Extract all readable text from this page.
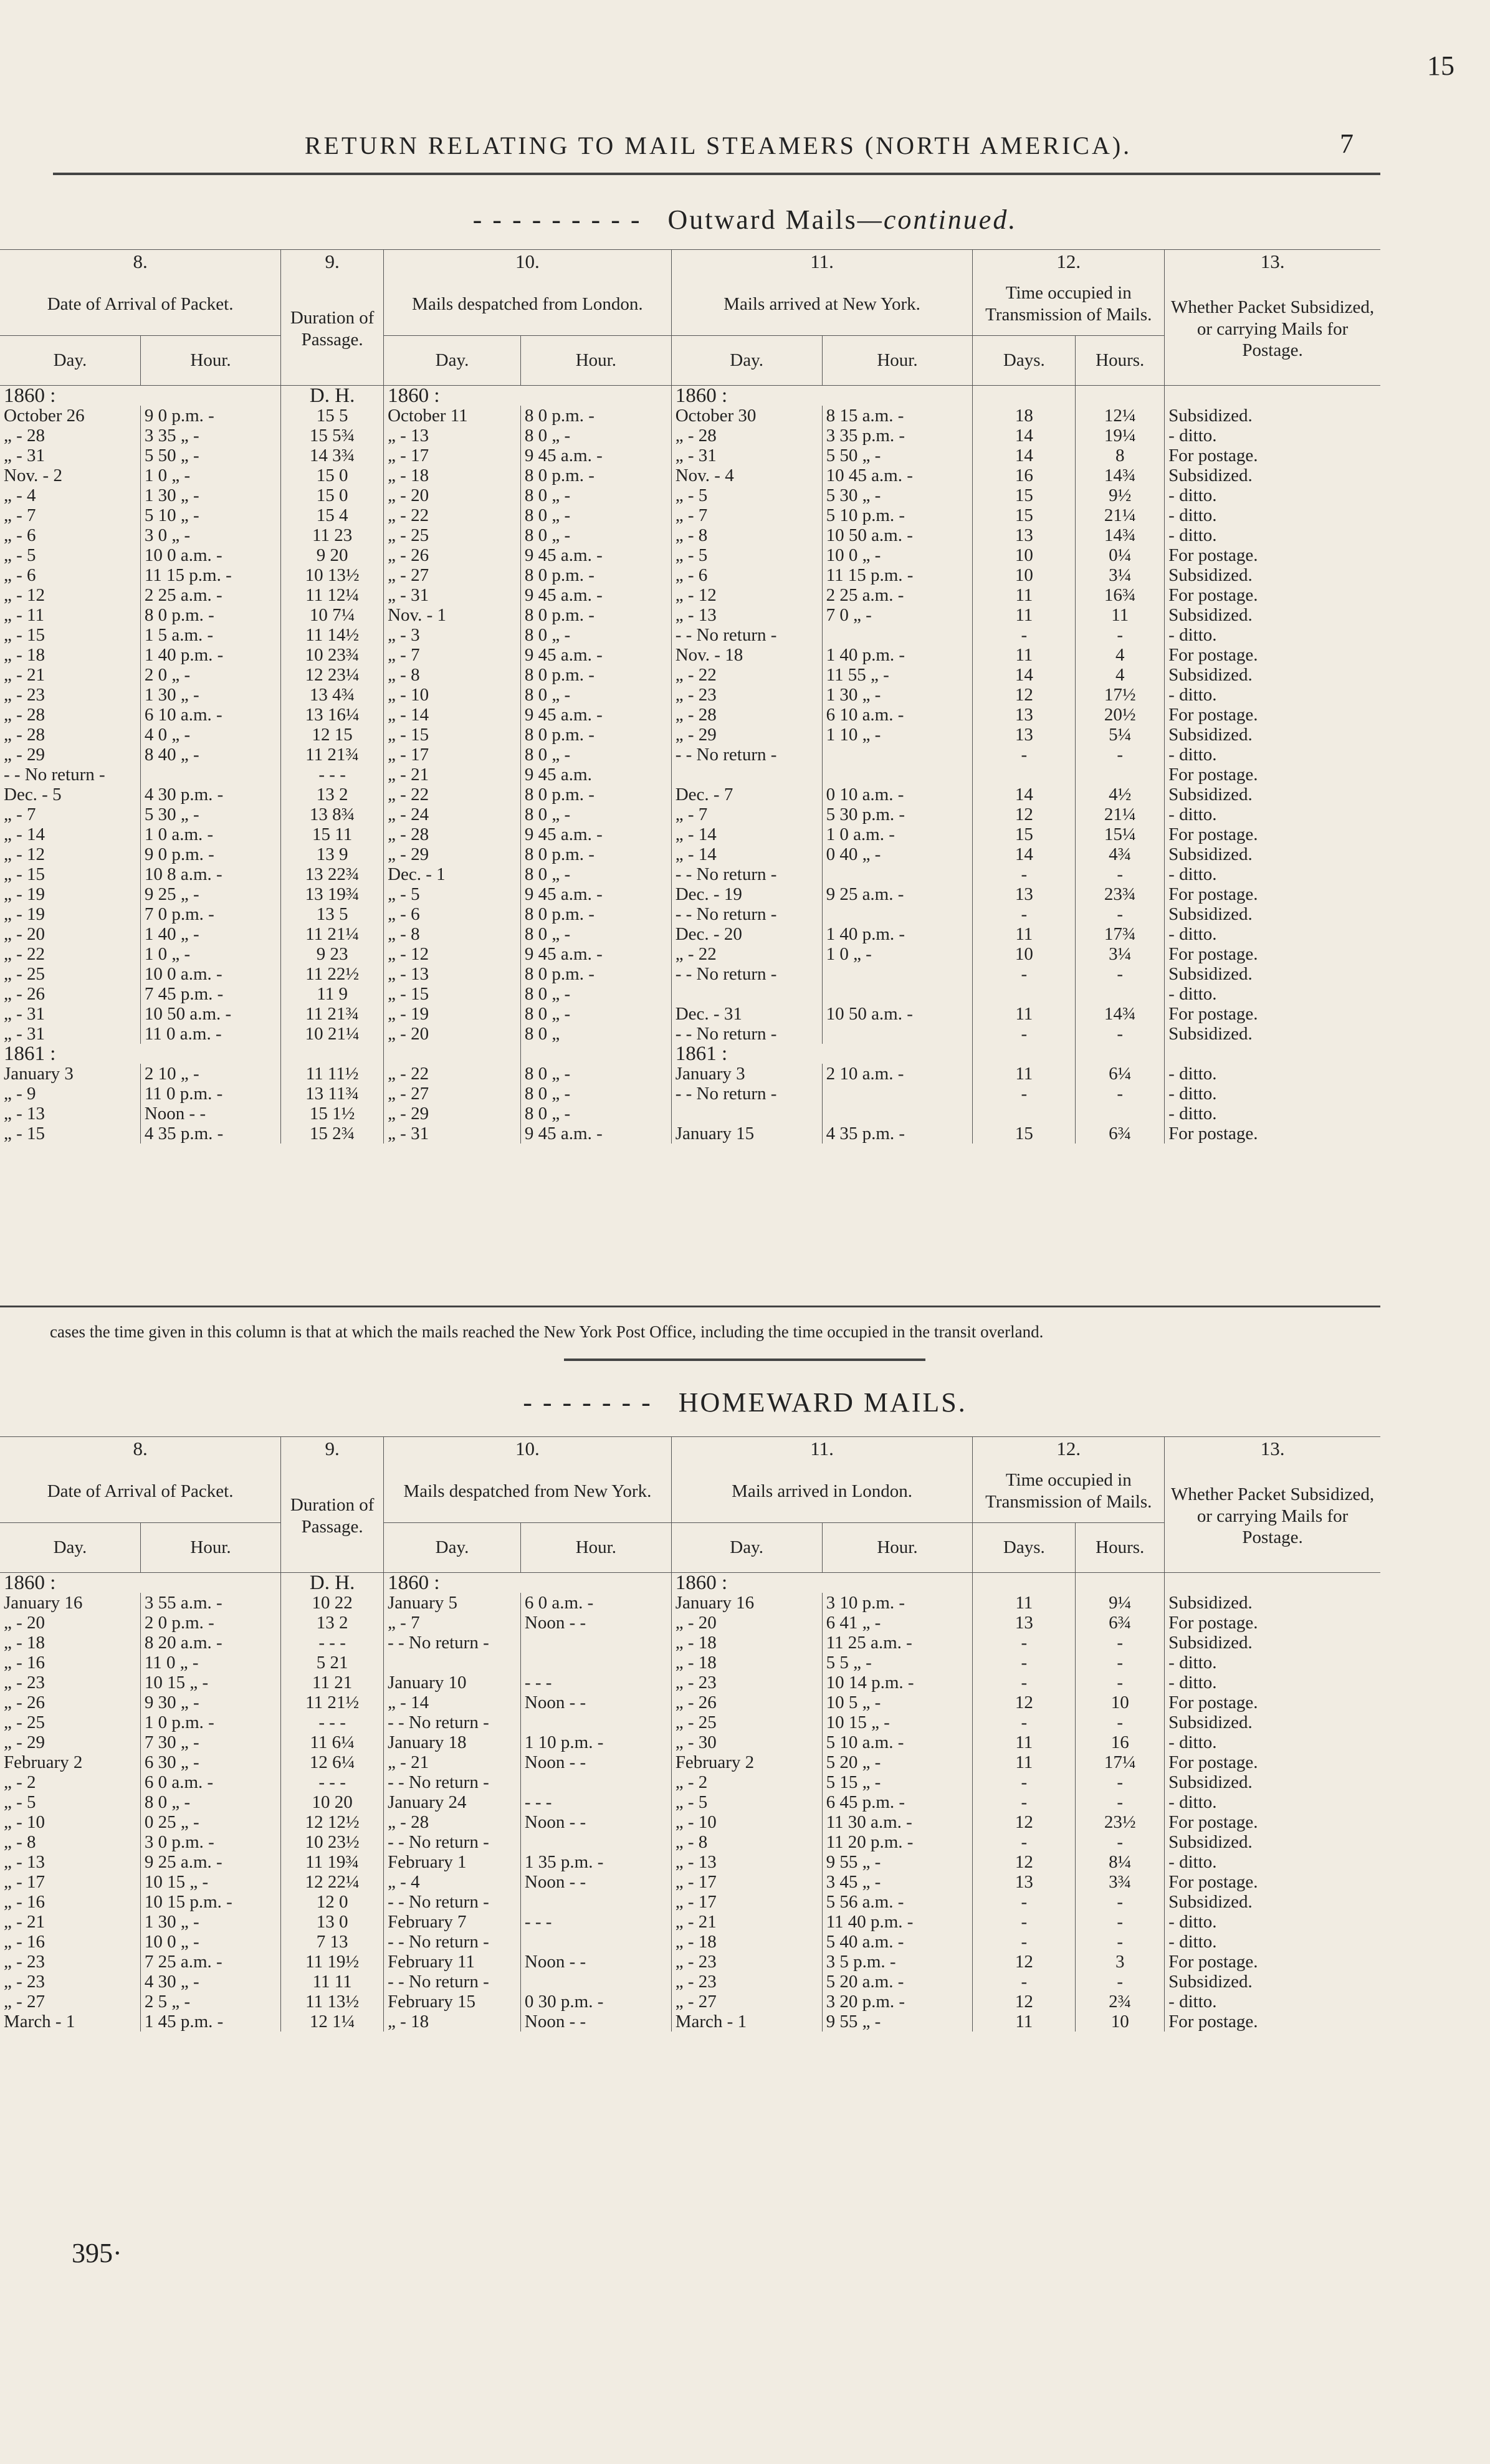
15
RETURN RELATING TO MAIL STEAMERS (NORTH AMERICA).	7
- - - - - - - - - Outward Mails—continued.
8.		9.	10.		11.		12.		13.
Date of Arrival of Packet.		Duration of Passage.	Mails despatched from London.		Mails arrived at New York.		Time occupied in Transmission of Mails.		Whether Packet Subsidized, or carrying Mails for Postage.
Day.	Hour.		Day.	Hour.	Day.	Hour.	Days.	Hours.	
1860 :		D. H.	1860 :		1860 :				
October 26	9 0 p.m. -	15 5	October 11	8 0 p.m. -	October 30	8 15 a.m. -	18	12¼	Subsidized.
„ - 28	3 35 „ -	15 5¾	„ - 13	8 0 „ -	„ - 28	3 35 p.m. -	14	19¼	- ditto.
„ - 31	5 50 „ -	14 3¾	„ - 17	9 45 a.m. -	„ - 31	5 50 „ -	14	8	For postage.
Nov. - 2	1 0 „ -	15 0	„ - 18	8 0 p.m. -	Nov. - 4	10 45 a.m. -	16	14¾	Subsidized.
„ - 4	1 30 „ -	15 0	„ - 20	8 0 „ -	„ - 5	5 30 „ -	15	9½	- ditto.
„ - 7	5 10 „ -	15 4	„ - 22	8 0 „ -	„ - 7	5 10 p.m. -	15	21¼	- ditto.
„ - 6	3 0 „ -	11 23	„ - 25	8 0 „ -	„ - 8	10 50 a.m. -	13	14¾	- ditto.
„ - 5	10 0 a.m. -	9 20	„ - 26	9 45 a.m. -	„ - 5	10 0 „ -	10	0¼	For postage.
„ - 6	11 15 p.m. -	10 13½	„ - 27	8 0 p.m. -	„ - 6	11 15 p.m. -	10	3¼	Subsidized.
„ - 12	2 25 a.m. -	11 12¼	„ - 31	9 45 a.m. -	„ - 12	2 25 a.m. -	11	16¾	For postage.
„ - 11	8 0 p.m. -	10 7¼	Nov. - 1	8 0 p.m. -	„ - 13	7 0 „ -	11	11	Subsidized.
„ - 15	1 5 a.m. -	11 14½	„ - 3	8 0 „ -	- - No return -		-	-	- ditto.
„ - 18	1 40 p.m. -	10 23¾	„ - 7	9 45 a.m. -	Nov. - 18	1 40 p.m. -	11	4	For postage.
„ - 21	2 0 „ -	12 23¼	„ - 8	8 0 p.m. -	„ - 22	11 55 „ -	14	4	Subsidized.
„ - 23	1 30 „ -	13 4¾	„ - 10	8 0 „ -	„ - 23	1 30 „ -	12	17½	- ditto.
„ - 28	6 10 a.m. -	13 16¼	„ - 14	9 45 a.m. -	„ - 28	6 10 a.m. -	13	20½	For postage.
„ - 28	4 0 „ -	12 15	„ - 15	8 0 p.m. -	„ - 29	1 10 „ -	13	5¼	Subsidized.
„ - 29	8 40 „ -	11 21¾	„ - 17	8 0 „ -	- - No return -		-	-	- ditto.
- - No return -		- - -	„ - 21	9 45 a.m.					For postage.
Dec. - 5	4 30 p.m. -	13 2	„ - 22	8 0 p.m. -	Dec. - 7	0 10 a.m. -	14	4½	Subsidized.
„ - 7	5 30 „ -	13 8¾	„ - 24	8 0 „ -	„ - 7	5 30 p.m. -	12	21¼	- ditto.
„ - 14	1 0 a.m. -	15 11	„ - 28	9 45 a.m. -	„ - 14	1 0 a.m. -	15	15¼	For postage.
„ - 12	9 0 p.m. -	13 9	„ - 29	8 0 p.m. -	„ - 14	0 40 „ -	14	4¾	Subsidized.
„ - 15	10 8 a.m. -	13 22¾	Dec. - 1	8 0 „ -	- - No return -		-	-	- ditto.
„ - 19	9 25 „ -	13 19¾	„ - 5	9 45 a.m. -	Dec. - 19	9 25 a.m. -	13	23¾	For postage.
„ - 19	7 0 p.m. -	13 5	„ - 6	8 0 p.m. -	- - No return -		-	-	Subsidized.
„ - 20	1 40 „ -	11 21¼	„ - 8	8 0 „ -	Dec. - 20	1 40 p.m. -	11	17¾	- ditto.
„ - 22	1 0 „ -	9 23	„ - 12	9 45 a.m. -	„ - 22	1 0 „ -	10	3¼	For postage.
„ - 25	10 0 a.m. -	11 22½	„ - 13	8 0 p.m. -	- - No return -		-	-	Subsidized.
„ - 26	7 45 p.m. -	11 9	„ - 15	8 0 „ -					- ditto.
„ - 31	10 50 a.m. -	11 21¾	„ - 19	8 0 „ -	Dec. - 31	10 50 a.m. -	11	14¾	For postage.
„ - 31	11 0 a.m. -	10 21¼	„ - 20	8 0 „	- - No return -		-	-	Subsidized.
1861 :					1861 :				
January 3	2 10 „ -	11 11½	„ - 22	8 0 „ -	January 3	2 10 a.m. -	11	6¼	- ditto.
„ - 9	11 0 p.m. -	13 11¾	„ - 27	8 0 „ -	- - No return -		-	-	- ditto.
„ - 13	Noon - -	15 1½	„ - 29	8 0 „ -					- ditto.
„ - 15	4 35 p.m. -	15 2¾	„ - 31	9 45 a.m. -	January 15	4 35 p.m. -	15	6¾	For postage.
cases the time given in this column is that at which the mails reached the New York Post Office, including the time occupied in the transit overland.
- - - - - - - HOMEWARD MAILS.
8.		9.	10.		11.		12.		13.
Date of Arrival of Packet.		Duration of Passage.	Mails despatched from New York.		Mails arrived in London.		Time occupied in Transmission of Mails.		Whether Packet Subsidized, or carrying Mails for Postage.
Day.	Hour.		Day.	Hour.	Day.	Hour.	Days.	Hours.	
1860 :		D. H.	1860 :		1860 :				
January 16	3 55 a.m. -	10 22	January 5	6 0 a.m. -	January 16	3 10 p.m. -	11	9¼	Subsidized.
„ - 20	2 0 p.m. -	13 2	„ - 7	Noon - -	„ - 20	6 41 „ -	13	6¾	For postage.
„ - 18	8 20 a.m. -	- - -	- - No return -		„ - 18	11 25 a.m. -	-	-	Subsidized.
„ - 16	11 0 „ -	5 21			„ - 18	5 5 „ -	-	-	- ditto.
„ - 23	10 15 „ -	11 21	January 10	- - -	„ - 23	10 14 p.m. -	-	-	- ditto.
„ - 26	9 30 „ -	11 21½	„ - 14	Noon - -	„ - 26	10 5 „ -	12	10	For postage.
„ - 25	1 0 p.m. -	- - -	- - No return -		„ - 25	10 15 „ -	-	-	Subsidized.
„ - 29	7 30 „ -	11 6¼	January 18	1 10 p.m. -	„ - 30	5 10 a.m. -	11	16	- ditto.
February 2	6 30 „ -	12 6¼	„ - 21	Noon - -	February 2	5 20 „ -	11	17¼	For postage.
„ - 2	6 0 a.m. -	- - -	- - No return -		„ - 2	5 15 „ -	-	-	Subsidized.
„ - 5	8 0 „ -	10 20	January 24	- - -	„ - 5	6 45 p.m. -	-	-	- ditto.
„ - 10	0 25 „ -	12 12½	„ - 28	Noon - -	„ - 10	11 30 a.m. -	12	23½	For postage.
„ - 8	3 0 p.m. -	10 23½	- - No return -		„ - 8	11 20 p.m. -	-	-	Subsidized.
„ - 13	9 25 a.m. -	11 19¾	February 1	1 35 p.m. -	„ - 13	9 55 „ -	12	8¼	- ditto.
„ - 17	10 15 „ -	12 22¼	„ - 4	Noon - -	„ - 17	3 45 „ -	13	3¾	For postage.
„ - 16	10 15 p.m. -	12 0	- - No return -		„ - 17	5 56 a.m. -	-	-	Subsidized.
„ - 21	1 30 „ -	13 0	February 7	- - -	„ - 21	11 40 p.m. -	-	-	- ditto.
„ - 16	10 0 „ -	7 13	- - No return -		„ - 18	5 40 a.m. -	-	-	- ditto.
„ - 23	7 25 a.m. -	11 19½	February 11	Noon - -	„ - 23	3 5 p.m. -	12	3	For postage.
„ - 23	4 30 „ -	11 11	- - No return -		„ - 23	5 20 a.m. -	-	-	Subsidized.
„ - 27	2 5 „ -	11 13½	February 15	0 30 p.m. -	„ - 27	3 20 p.m. -	12	2¾	- ditto.
March - 1	1 45 p.m. -	12 1¼	„ - 18	Noon - -	March - 1	9 55 „ -	11	10	For postage.
395·
